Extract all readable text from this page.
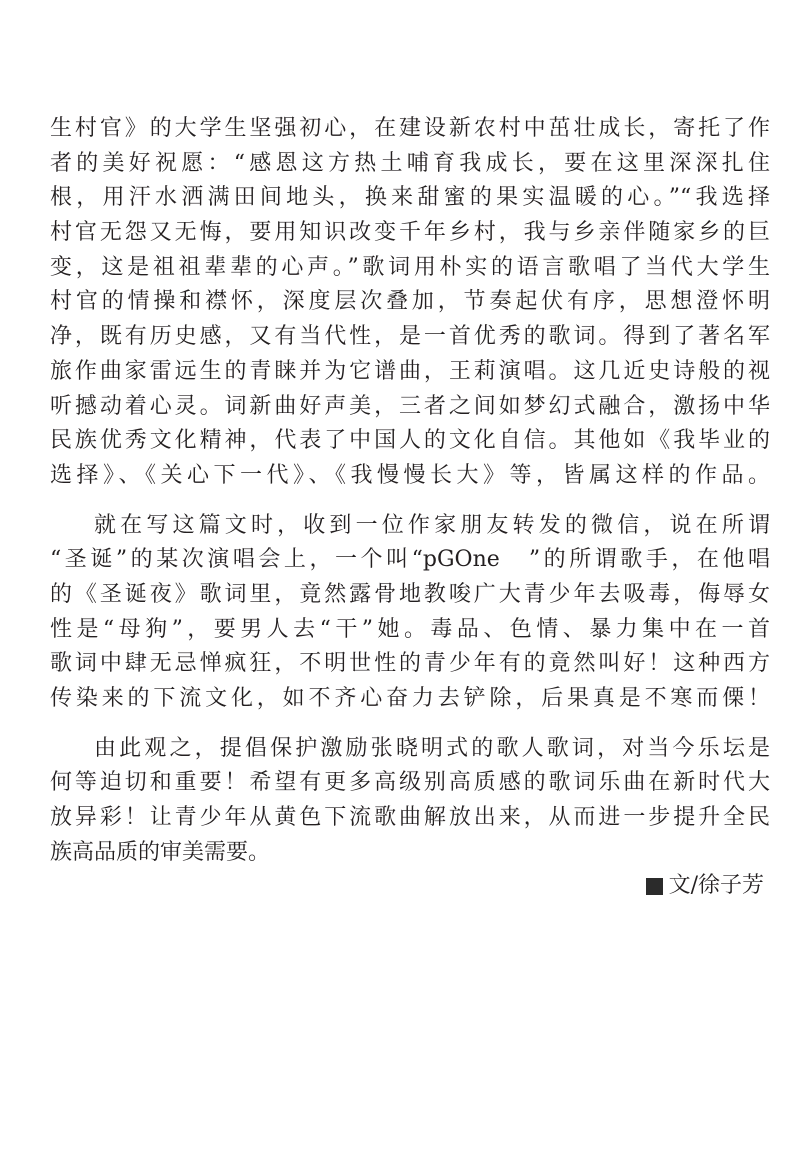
生村官》的大学生坚强初心，在建设新农村中茁壮成长，寄托了作
者的美好祝愿：“感恩这方热土哺育我成长，要在这里深深扎住
根，用汗水洒满田间地头，换来甜蜜的果实温暖的心。”“我选择
村官无怨又无悔，要用知识改变千年乡村，我与乡亲伴随家乡的巨
变，这是祖祖辈辈的心声。”歌词用朴实的语言歌唱了当代大学生
村官的情操和襟怀，深度层次叠加，节奏起伏有序，思想澄怀明
净，既有历史感，又有当代性，是一首优秀的歌词。得到了著名军
旅作曲家雷远生的青睐并为它谱曲，王莉演唱。这几近史诗般的视
听撼动着心灵。词新曲好声美，三者之间如梦幻式融合，激扬中华
民族优秀文化精神，代表了中国人的文化自信。其他如《我毕业的
选择》、《关心下一代》、《我慢慢长大》等，皆属这样的作品。
就在写这篇文时，收到一位作家朋友转发的微信，说在所谓
“圣诞”的某次演唱会上，一个叫“pGOne　”的所谓歌手，在他唱
的《圣诞夜》歌词里，竟然露骨地教唆广大青少年去吸毒，侮辱女
性是“母狗”，要男人去“干”她。毒品、色情、暴力集中在一首
歌词中肆无忌惮疯狂，不明世性的青少年有的竟然叫好！这种西方
传染来的下流文化，如不齐心奋力去铲除，后果真是不寒而傈！
由此观之，提倡保护激励张晓明式的歌人歌词，对当今乐坛是
何等迫切和重要！希望有更多高级别高质感的歌词乐曲在新时代大
放异彩！让青少年从黄色下流歌曲解放出来，从而进一步提升全民
族高品质的审美需要。
文/徐子芳
